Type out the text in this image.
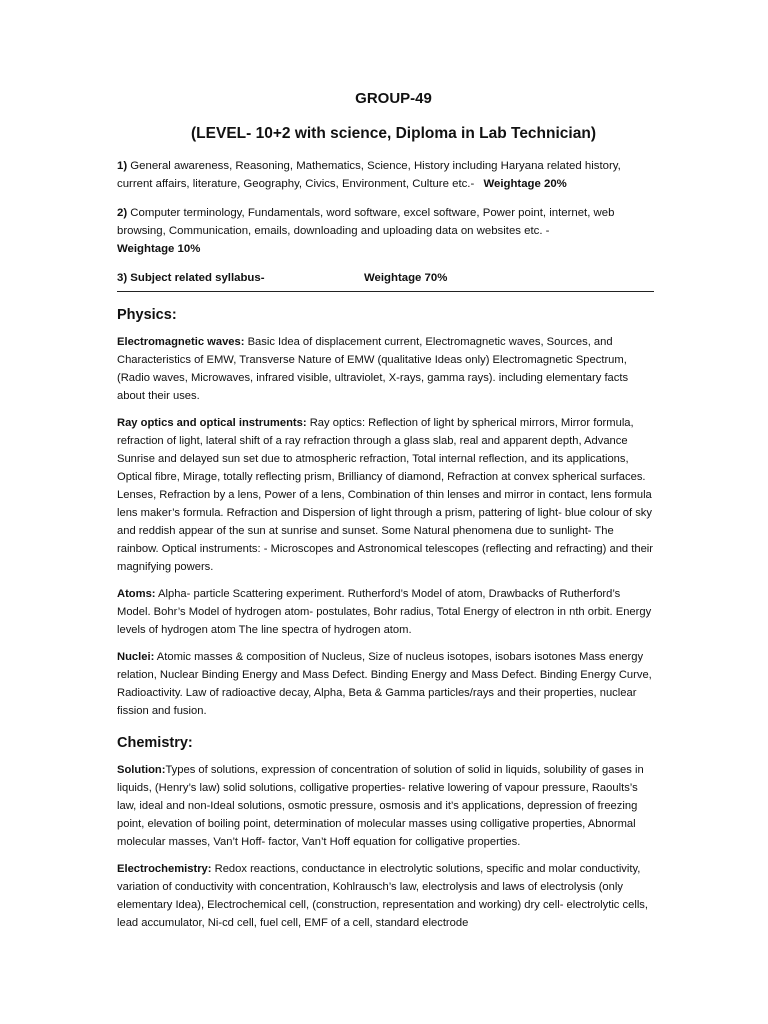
GROUP-49

(LEVEL- 10+2 with science, Diploma in Lab Technician)

1) General awareness, Reasoning, Mathematics, Science, History including Haryana related history, current affairs, literature, Geography, Civics, Environment, Culture etc.- Weightage 20%

2) Computer terminology, Fundamentals, word software, excel software, Power point, internet, web browsing, Communication, emails, downloading and uploading data on websites etc. -
Weightage 10%

3) Subject related syllabus-	Weightage 70%
Physics:

Electromagnetic waves: Basic Idea of displacement current, Electromagnetic waves, Sources, and Characteristics of EMW, Transverse Nature of EMW (qualitative Ideas only) Electromagnetic Spectrum, (Radio waves, Microwaves, infrared visible, ultraviolet, X-rays, gamma rays). including elementary facts about their uses.

Ray optics and optical instruments: Ray optics: Reflection of light by spherical mirrors, Mirror formula, refraction of light, lateral shift of a ray refraction through a glass slab, real and apparent depth, Advance Sunrise and delayed sun set due to atmospheric refraction, Total internal reflection, and its applications, Optical fibre, Mirage, totally reflecting prism, Brilliancy of diamond, Refraction at convex spherical surfaces. Lenses, Refraction by a lens, Power of a lens, Combination of thin lenses and mirror in contact, lens formula lens maker’s formula. Refraction and Dispersion of light through a prism, pattering of light- blue colour of sky and reddish appear of the sun at sunrise and sunset. Some Natural phenomena due to sunlight- The rainbow. Optical instruments: - Microscopes and Astronomical telescopes (reflecting and refracting) and their magnifying powers.

Atoms: Alpha- particle Scattering experiment. Rutherford’s Model of atom, Drawbacks of Rutherford’s Model. Bohr’s Model of hydrogen atom- postulates, Bohr radius, Total Energy of electron in nth orbit. Energy levels of hydrogen atom The line spectra of hydrogen atom.

Nuclei: Atomic masses & composition of Nucleus, Size of nucleus isotopes, isobars isotones Mass energy relation, Nuclear Binding Energy and Mass Defect. Binding Energy and Mass Defect. Binding Energy Curve, Radioactivity. Law of radioactive decay, Alpha, Beta & Gamma particles/rays and their properties, nuclear fission and fusion.

Chemistry:

Solution:Types of solutions, expression of concentration of solution of solid in liquids, solubility of gases in liquids, (Henry’s law) solid solutions, colligative properties- relative lowering of vapour pressure, Raoults’s law, ideal and non-Ideal solutions, osmotic pressure, osmosis and it’s applications, depression of freezing point, elevation of boiling point, determination of molecular masses using colligative properties, Abnormal molecular masses, Van’t Hoff- factor, Van’t Hoff equation for colligative properties.

Electrochemistry: Redox reactions, conductance in electrolytic solutions, specific and molar conductivity, variation of conductivity with concentration, Kohlrausch’s law, electrolysis and laws of electrolysis (only elementary Idea), Electrochemical cell, (construction, representation and working) dry cell- electrolytic cells, lead accumulator, Ni-cd cell, fuel cell, EMF of a cell, standard electrode
